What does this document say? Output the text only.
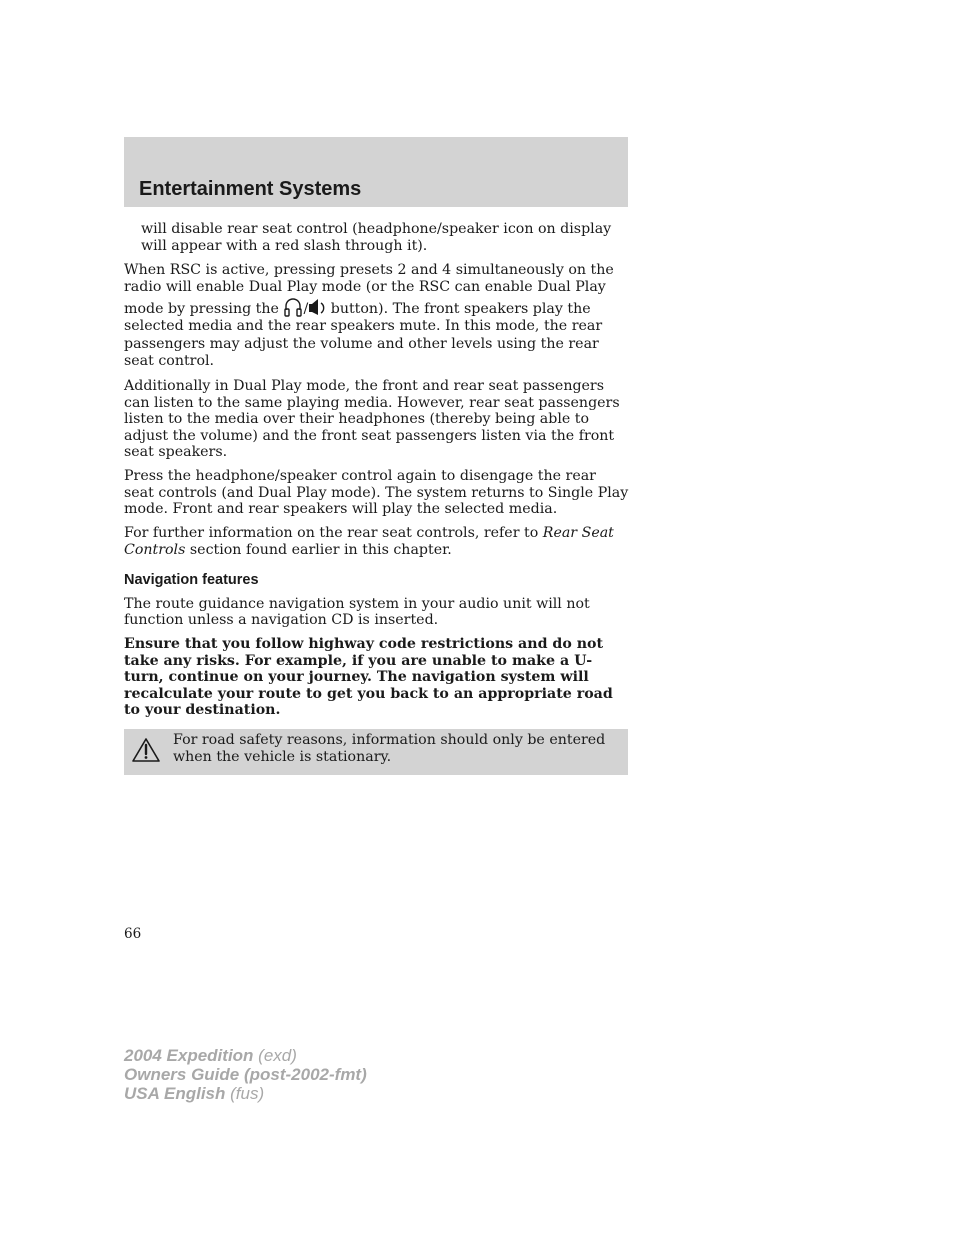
Entertainment Systems

will disable rear seat control (headphone/speaker icon on display will appear with a red slash through it).

When RSC is active, pressing presets 2 and 4 simultaneously on the radio will enable Dual Play mode (or the RSC can enable Dual Play mode by pressing the / button). The front speakers play the selected media and the rear speakers mute. In this mode, the rear passengers may adjust the volume and other levels using the rear seat control.

Additionally in Dual Play mode, the front and rear seat passengers can listen to the same playing media. However, rear seat passengers listen to the media over their headphones (thereby being able to adjust the volume) and the front seat passengers listen via the front seat speakers.

Press the headphone/speaker control again to disengage the rear seat controls (and Dual Play mode). The system returns to Single Play mode. Front and rear speakers will play the selected media.

For further information on the rear seat controls, refer to Rear Seat Controls section found earlier in this chapter.

Navigation features

The route guidance navigation system in your audio unit will not function unless a navigation CD is inserted.

Ensure that you follow highway code restrictions and do not take any risks. For example, if you are unable to make a U-turn, continue on your journey. The navigation system will recalculate your route to get you back to an appropriate road to your destination.

For road safety reasons, information should only be entered when the vehicle is stationary.
66
2004 Expedition (exd)
Owners Guide (post-2002-fmt)
USA English (fus)
